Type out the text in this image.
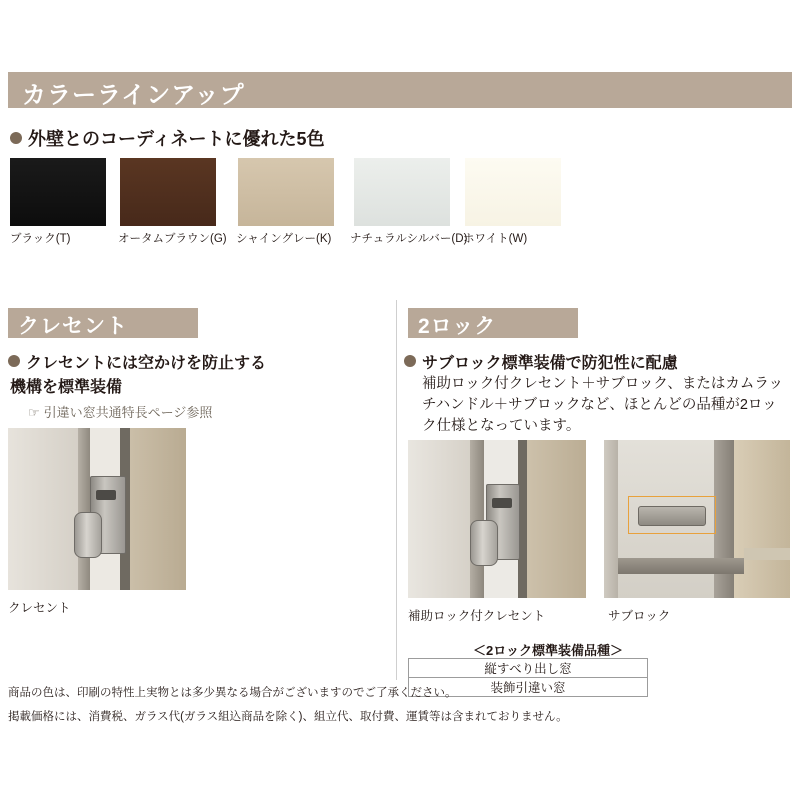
カラーラインアップ
外壁とのコーディネートに優れた5色
ブラック(T)	オータムブラウン(G) シャイングレー(K) ナチュラルシルバー(D)
ホワイト(W)
クレセント
クレセントには空かけを防止する
機構を標準装備
☞ 引違い窓共通特長ページ参照
クレセント
2ロック
サブロック標準装備で防犯性に配慮
補助ロック付クレセント＋サブロック、またはカムラッチハンドル＋サブロックなど、ほとんどの品種が2ロック仕様となっています。
補助ロック付クレセント	サブロック
＜2ロック標準装備品種＞
縦すべり出し窓
装飾引違い窓
商品の色は、印刷の特性上実物とは多少異なる場合がございますのでご了承ください。
掲載価格には、消費税、ガラス代(ガラス組込商品を除く)、組立代、取付費、運賃等は含まれておりません。
